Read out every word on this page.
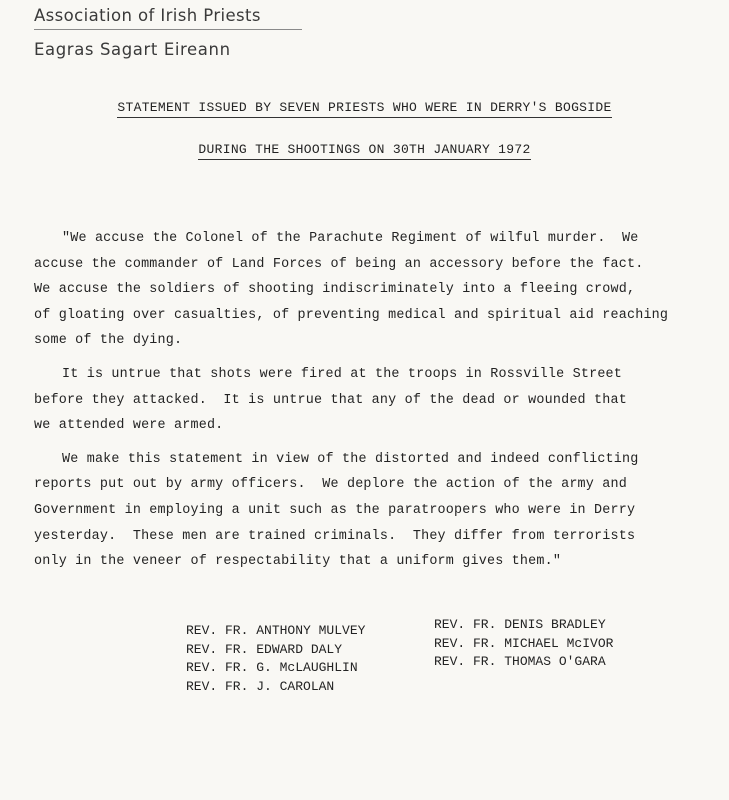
Association of Irish Priests
Eagras Sagart Eireann
STATEMENT ISSUED BY SEVEN PRIESTS WHO WERE IN DERRY'S BOGSIDE
DURING THE SHOOTINGS ON 30TH JANUARY 1972
"We accuse the Colonel of the Parachute Regiment of wilful murder.  We
accuse the commander of Land Forces of being an accessory before the fact.
We accuse the soldiers of shooting indiscriminately into a fleeing crowd,
of gloating over casualties, of preventing medical and spiritual aid reaching
some of the dying.
It is untrue that shots were fired at the troops in Rossville Street
before they attacked.  It is untrue that any of the dead or wounded that
we attended were armed.
We make this statement in view of the distorted and indeed conflicting
reports put out by army officers.  We deplore the action of the army and
Government in employing a unit such as the paratroopers who were in Derry
yesterday.  These men are trained criminals.  They differ from terrorists
only in the veneer of respectability that a uniform gives them."
REV. FR. ANTHONY MULVEY
REV. FR. EDWARD DALY
REV. FR. G. McLAUGHLIN
REV. FR. J. CAROLAN
REV. FR. DENIS BRADLEY
REV. FR. MICHAEL McIVOR
REV. FR. THOMAS O'GARA
